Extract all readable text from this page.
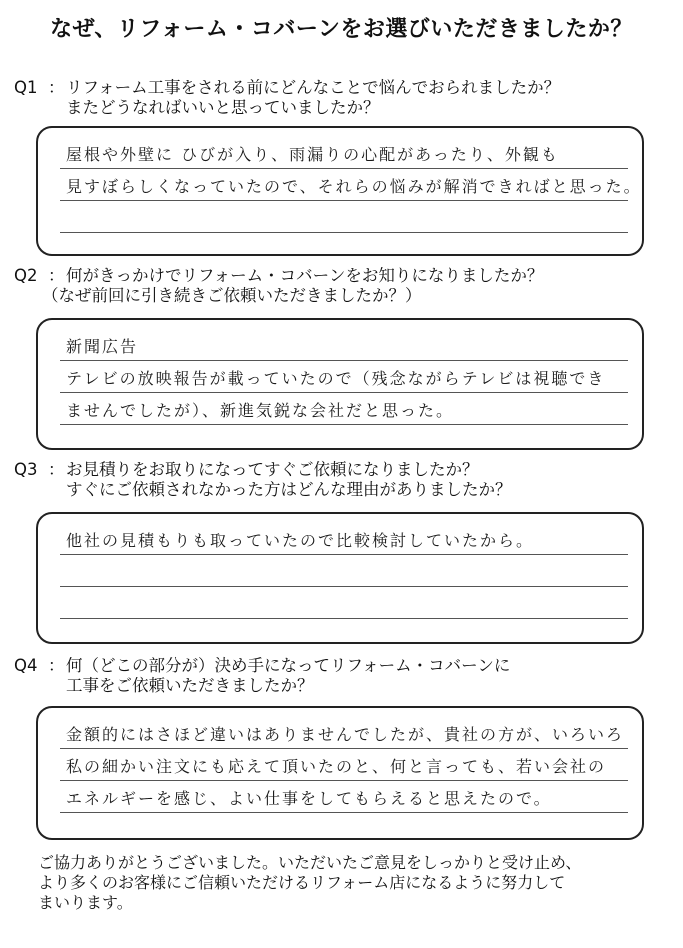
なぜ、リフォーム・コバーンをお選びいただきましたか？
Q1 ：リフォーム工事をされる前にどんなことで悩んでおられましたか？
またどうなればいいと思っていましたか？
屋根や外壁に ひびが入り、雨漏りの心配があったり、外観も
見すぼらしくなっていたので、それらの悩みが解消できればと思った。
Q2 ：何がきっかけでリフォーム・コバーンをお知りになりましたか？
（なぜ前回に引き続きご依頼いただきましたか？）
新聞広告
テレビの放映報告が載っていたので（残念ながらテレビは視聴でき
ませんでしたが）、新進気鋭な会社だと思った。
Q3 ：お見積りをお取りになってすぐご依頼になりましたか？
すぐにご依頼されなかった方はどんな理由がありましたか？
他社の見積もりも取っていたので比較検討していたから。
Q4 ：何（どこの部分が）決め手になってリフォーム・コバーンに
工事をご依頼いただきましたか？
金額的にはさほど違いはありませんでしたが、貴社の方が、いろいろ
私の細かい注文にも応えて頂いたのと、何と言っても、若い会社の
エネルギーを感じ、よい仕事をしてもらえると思えたので。
ご協力ありがとうございました。いただいたご意見をしっかりと受け止め、
より多くのお客様にご信頼いただけるリフォーム店になるように努力して
まいります。
